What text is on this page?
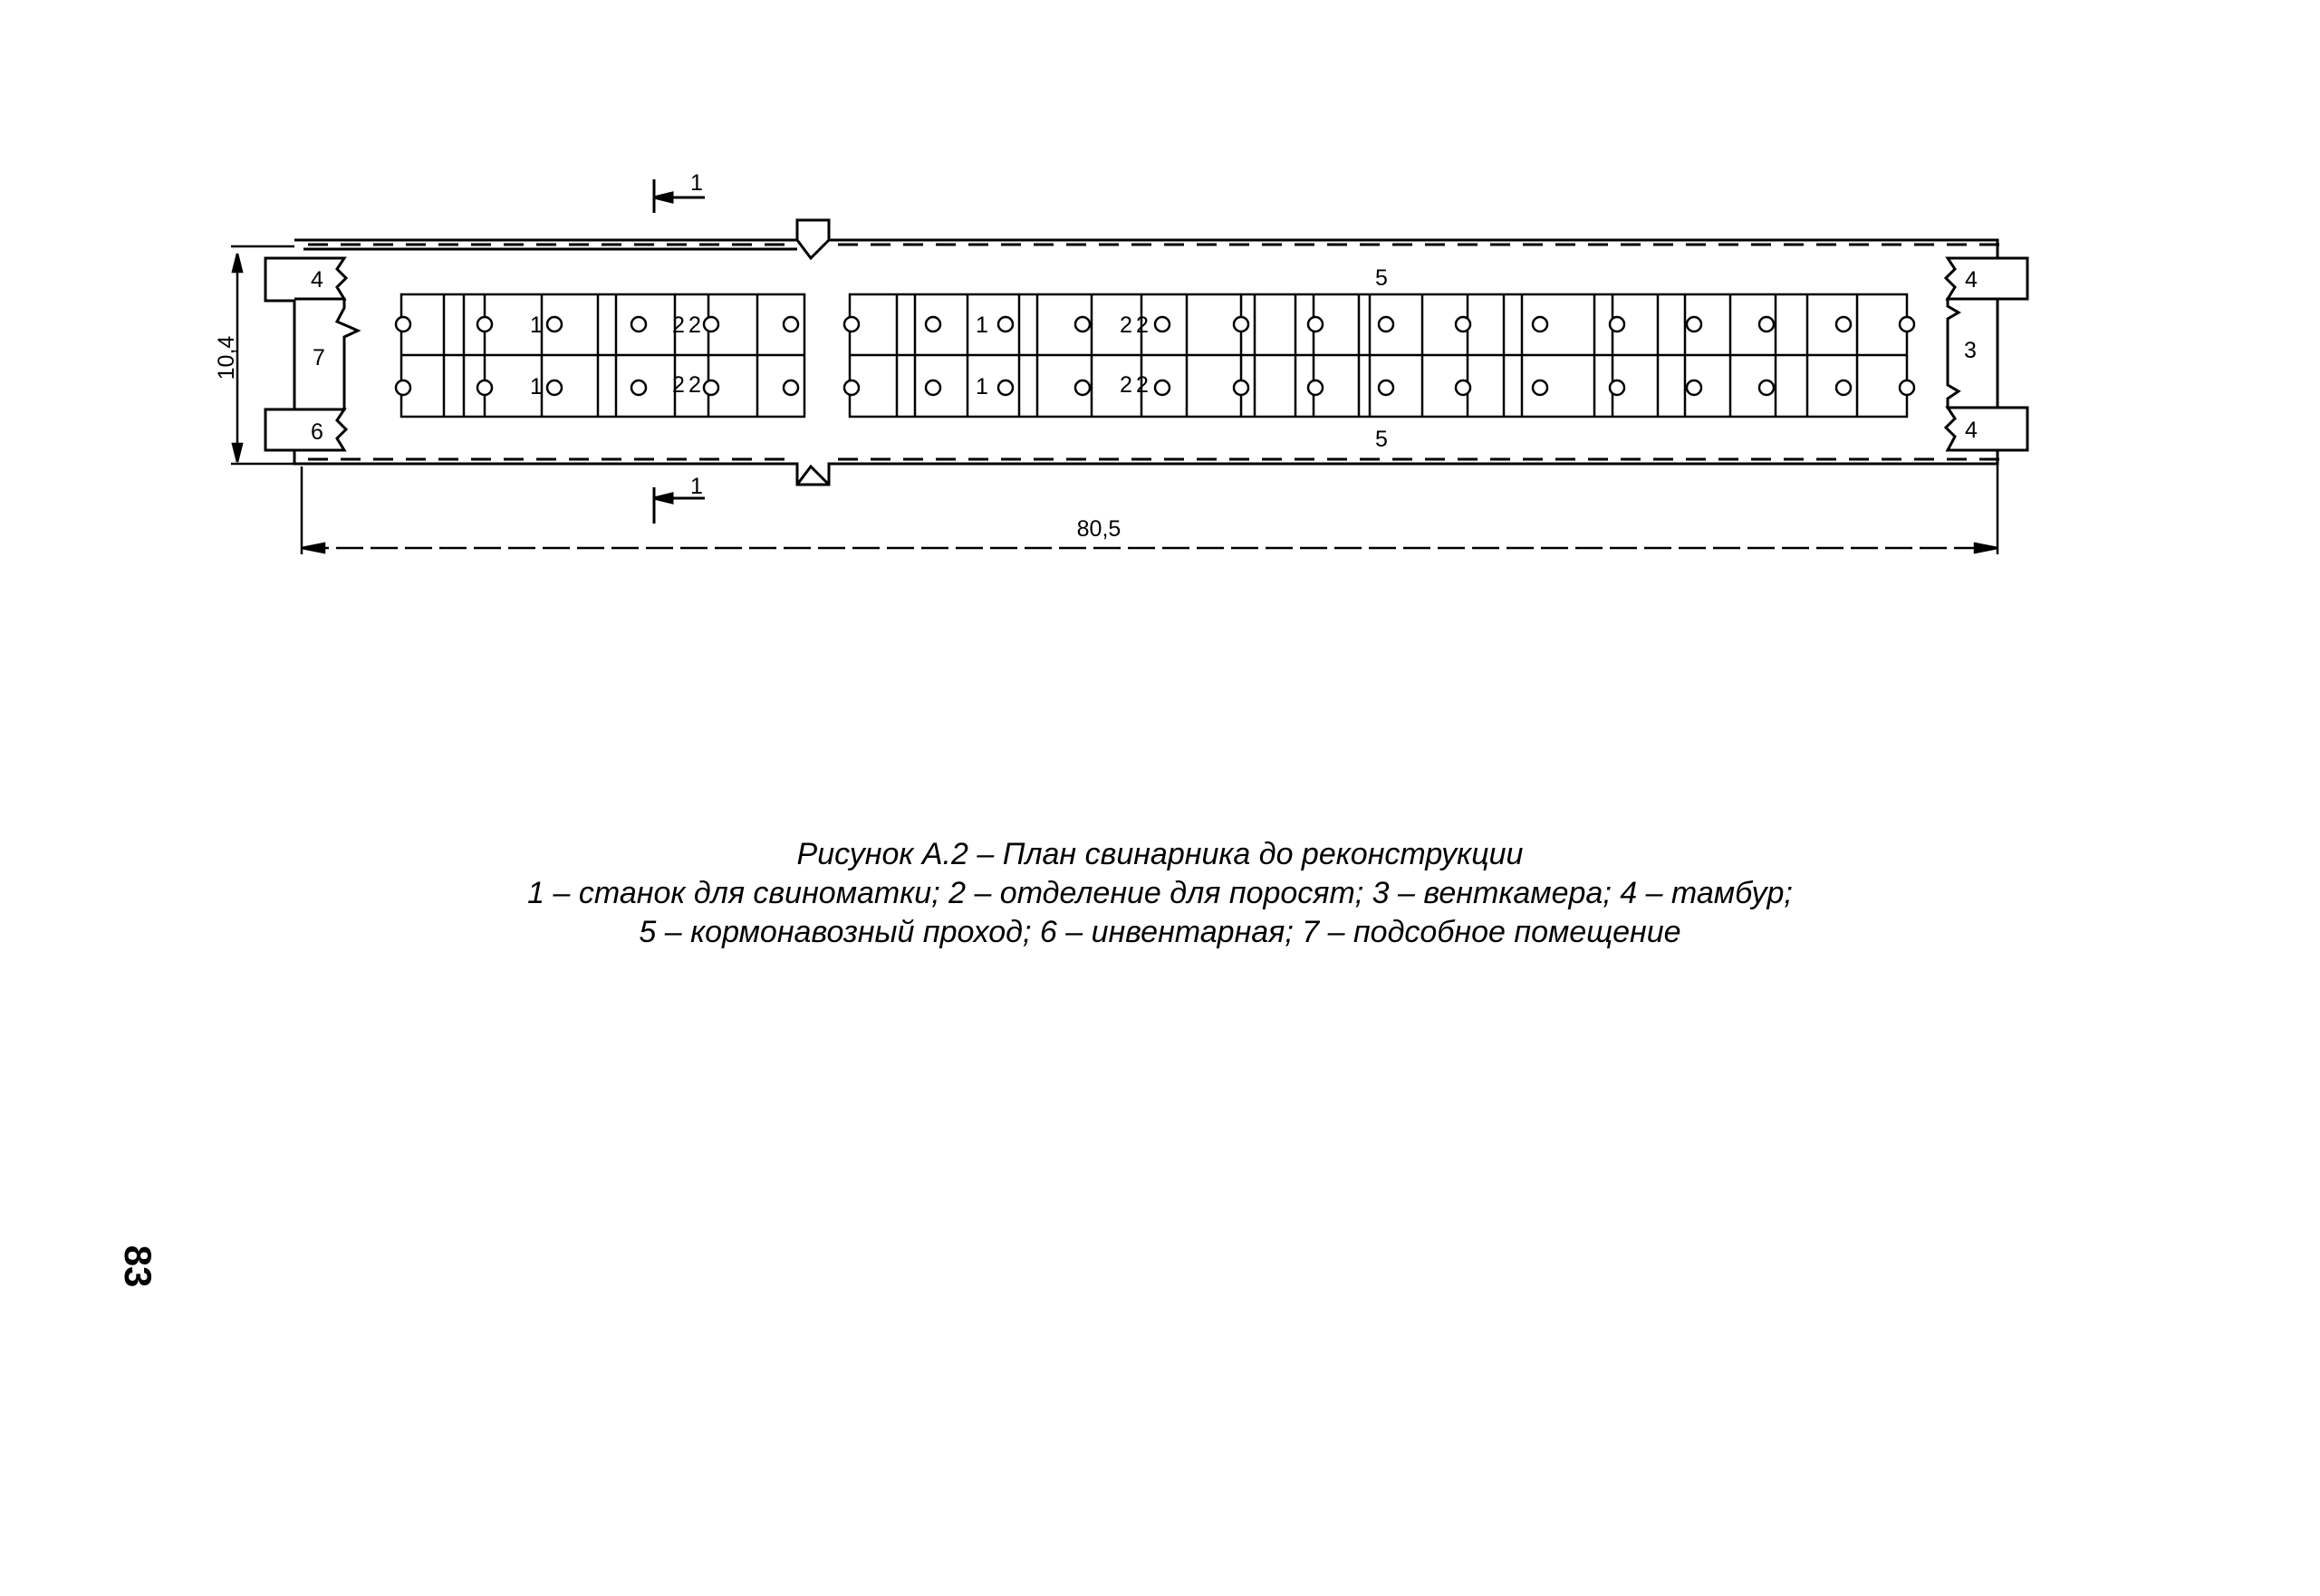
1
1
10,4
80,5
4
6
7
4
4
3
5
5
1
1
1
1
2 2
2 2
2 2
2 2
Рисунок А.2 – План свинарника до реконструкции
1 – станок для свиноматки; 2 – отделение для поросят; 3 – венткамера; 4 – тамбур;
5 – кормонавозный проход; 6 – инвентарная; 7 – подсобное помещение
83
